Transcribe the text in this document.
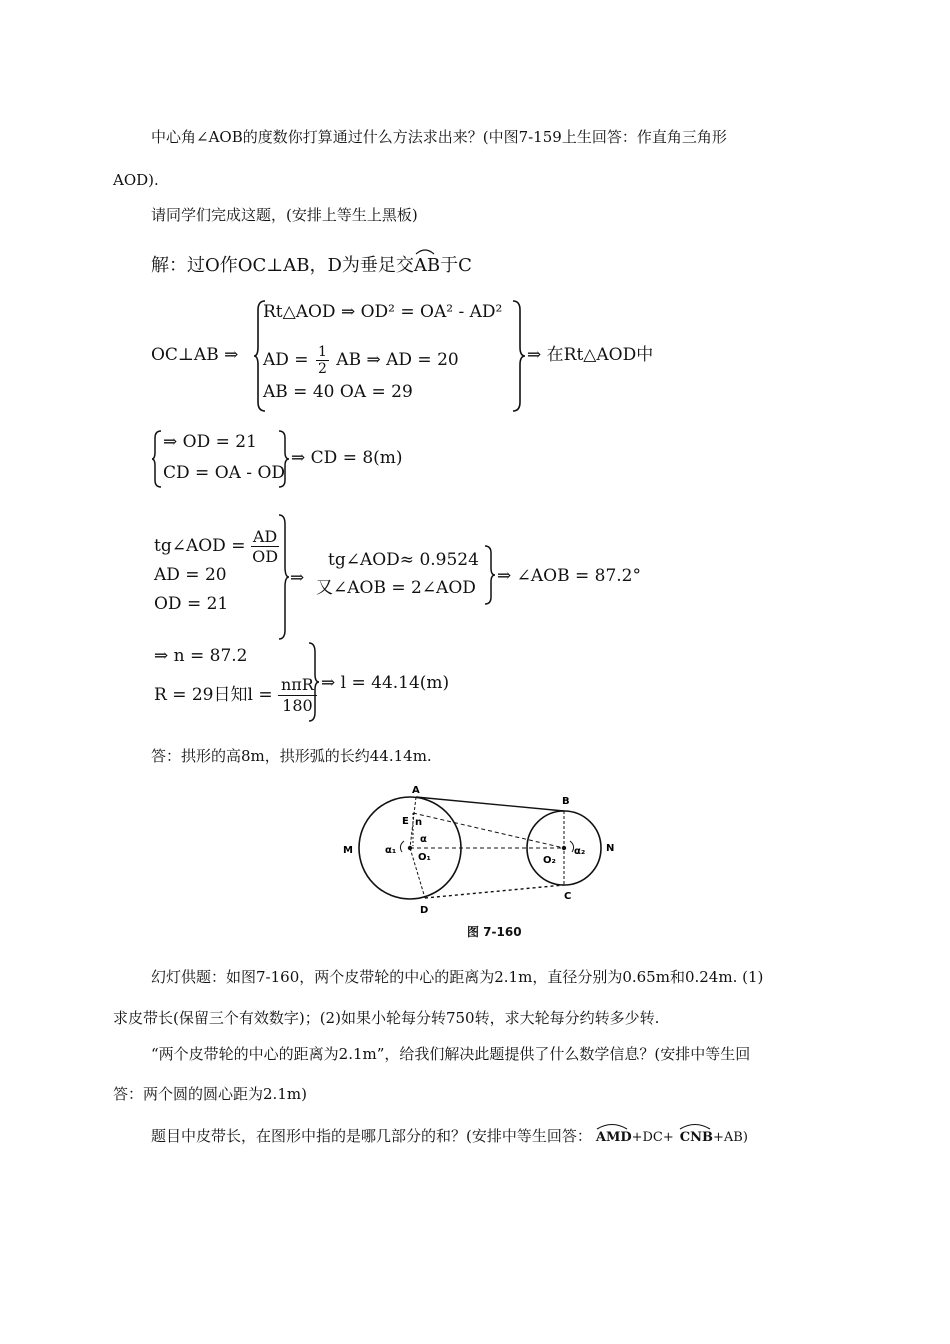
中心角∠AOB的度数你打算通过什么方法求出来？(中图7-159上生回答：作直角三角形
AOD).
请同学们完成这题，(安排上等生上黑板)
解：过O作OC⊥AB，D为垂足交AB
于C
OC⊥AB ⇒
Rt△AOD ⇒ OD² = OA² - AD²
AD = $\frac{1}{2}$ AB ⇒ AD = 20
AB = 40 OA = 29
⇒ 在Rt△AOD中
⇒ OD = 21
CD = OA - OD
⇒ CD = 8(m)
tg∠AOD = $\frac{AD}{OD}$
AD = 20
OD = 21
⇒
tg∠AOD≈ 0.9524
又∠AOB = 2∠AOD
⇒ ∠AOB = 87.2°
⇒ n = 87.2
R = 29日知l =
nπR
180
⇒ l = 44.14(m)
答：拱形的高8m，拱形弧的长约44.14m.
A
B
C
D
E n
α
M	N
α₁
O₁	O₂
α₂
图 7-160
幻灯供题：如图7-160，两个皮带轮的中心的距离为2.1m，直径分别为0.65m和0.24m. (1)
求皮带长(保留三个有效数字)；(2)如果小轮每分转750转，求大轮每分约转多少转.
“两个皮带轮的中心的距离为2.1m”，给我们解决此题提供了什么数学信息？(安排中等生回
答：两个圆的圆心距为2.1m)
题目中皮带长，在图形中指的是哪几部分的和？(安排中等生回答： AMD
+DC+ CNB
+AB)
